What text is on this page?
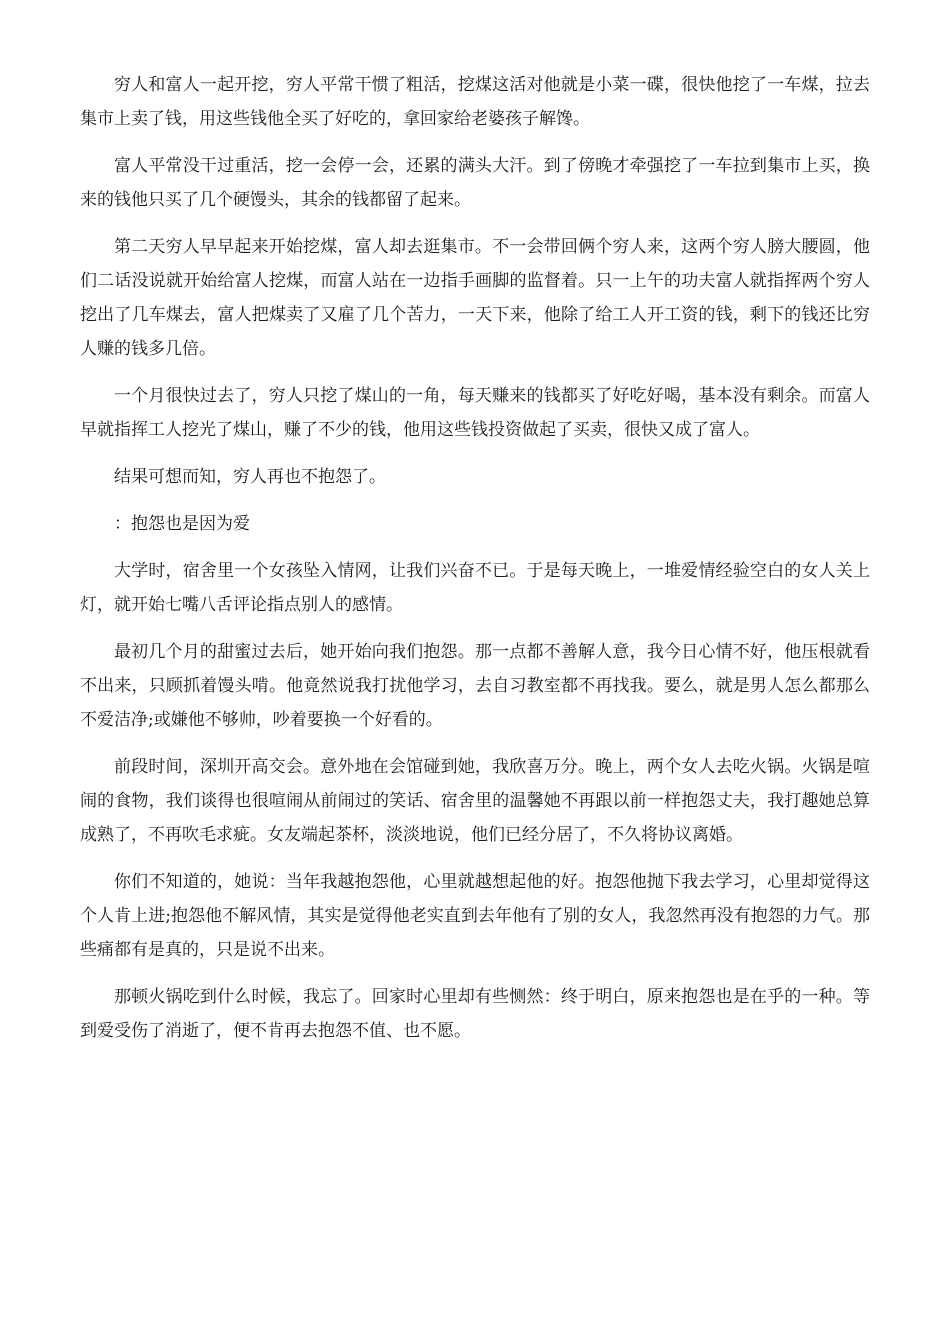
穷人和富人一起开挖，穷人平常干惯了粗活，挖煤这活对他就是小菜一碟，很快他挖了一车煤，拉去集市上卖了钱，用这些钱他全买了好吃的，拿回家给老婆孩子解馋。

富人平常没干过重活，挖一会停一会，还累的满头大汗。到了傍晚才牵强挖了一车拉到集市上买，换来的钱他只买了几个硬馒头，其余的钱都留了起来。

第二天穷人早早起来开始挖煤，富人却去逛集市。不一会带回俩个穷人来，这两个穷人膀大腰圆，他们二话没说就开始给富人挖煤，而富人站在一边指手画脚的监督着。只一上午的功夫富人就指挥两个穷人挖出了几车煤去，富人把煤卖了又雇了几个苦力，一天下来，他除了给工人开工资的钱，剩下的钱还比穷人赚的钱多几倍。

一个月很快过去了，穷人只挖了煤山的一角，每天赚来的钱都买了好吃好喝，基本没有剩余。而富人早就指挥工人挖光了煤山，赚了不少的钱，他用这些钱投资做起了买卖，很快又成了富人。

结果可想而知，穷人再也不抱怨了。

：抱怨也是因为爱

大学时，宿舍里一个女孩坠入情网，让我们兴奋不已。于是每天晚上，一堆爱情经验空白的女人关上灯，就开始七嘴八舌评论指点别人的感情。

最初几个月的甜蜜过去后，她开始向我们抱怨。那一点都不善解人意，我今日心情不好，他压根就看不出来，只顾抓着馒头啃。他竟然说我打扰他学习，去自习教室都不再找我。要么，就是男人怎么都那么不爱洁净;或嫌他不够帅，吵着要换一个好看的。

前段时间，深圳开高交会。意外地在会馆碰到她，我欣喜万分。晚上，两个女人去吃火锅。火锅是喧闹的食物，我们谈得也很喧闹从前闹过的笑话、宿舍里的温馨她不再跟以前一样抱怨丈夫，我打趣她总算成熟了，不再吹毛求疵。女友端起茶杯，淡淡地说，他们已经分居了，不久将协议离婚。

你们不知道的，她说：当年我越抱怨他，心里就越想起他的好。抱怨他抛下我去学习，心里却觉得这个人肯上进;抱怨他不解风情，其实是觉得他老实直到去年他有了别的女人，我忽然再没有抱怨的力气。那些痛都有是真的，只是说不出来。

那顿火锅吃到什么时候，我忘了。回家时心里却有些恻然：终于明白，原来抱怨也是在乎的一种。等到爱受伤了消逝了，便不肯再去抱怨不值、也不愿。
